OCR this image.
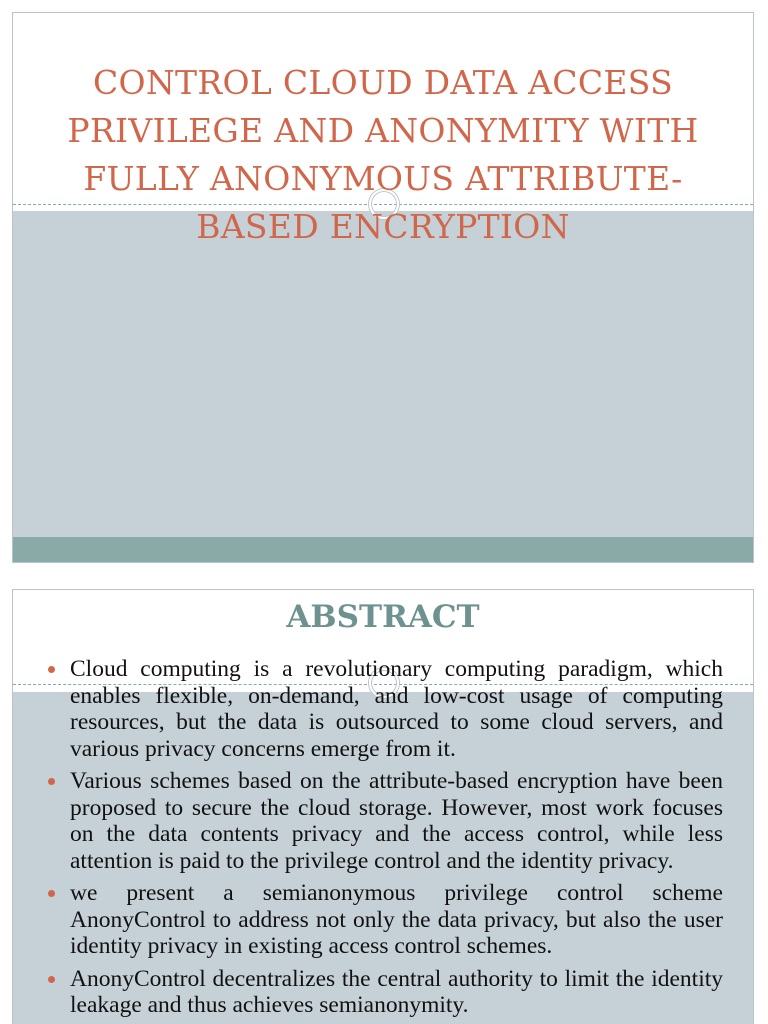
CONTROL CLOUD DATA ACCESS PRIVILEGE AND ANONYMITY WITH FULLY ANONYMOUS ATTRIBUTE-BASED ENCRYPTION
ABSTRACT
Cloud computing is a revolutionary computing paradigm, which enables flexible, on-demand, and low-cost usage of computing resources, but the data is outsourced to some cloud servers, and various privacy concerns emerge from it.
Various schemes based on the attribute-based encryption have been proposed to secure the cloud storage. However, most work focuses on the data contents privacy and the access control, while less attention is paid to the privilege control and the identity privacy.
we present a semianonymous privilege control scheme AnonyControl to address not only the data privacy, but also the user identity privacy in existing access control schemes.
AnonyControl decentralizes the central authority to limit the identity leakage and thus achieves semianonymity.
